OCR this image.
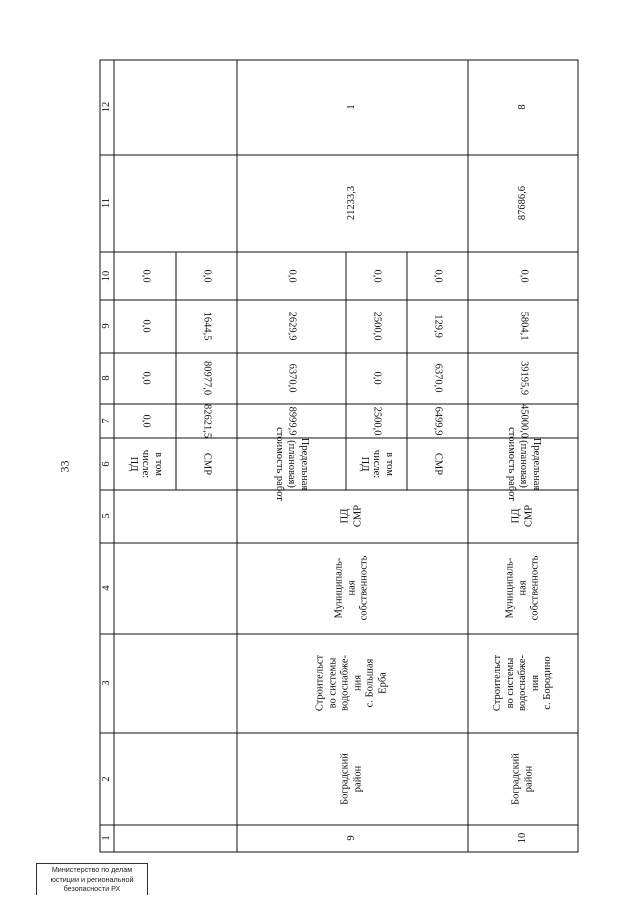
33
1
2
3
4
5
6
7
8
9
10
11
12
в том
числе:
ПД
0,0
0,0
0,0
0,0
СМР
82621,5
80977,0
1644,5
0,0
9
Боградский район
Строительст во системы водоснабже- ния с. Большая Ерба
Муниципаль- ная собственность
ПД СМР
Предельная
(плановая)
стоимость работ
8999,9
6370,0
2629,9
0,0
в том
числе:
ПД
2500,0
0,0
2500,0
0,0
СМР
6499,9
6370,0
129,9
0,0
21233,3
1
10
Боградский район
Строительст во системы водоснабже- ния с. Бородино
Муниципаль- ная собственность
ПД СМР
Предельная
(плановая)
стоимость работ
45000,0
39195,9
5804,1
0,0
87686,6
8
Министерство по делам
юстиции и региональной
безопасности РХ
